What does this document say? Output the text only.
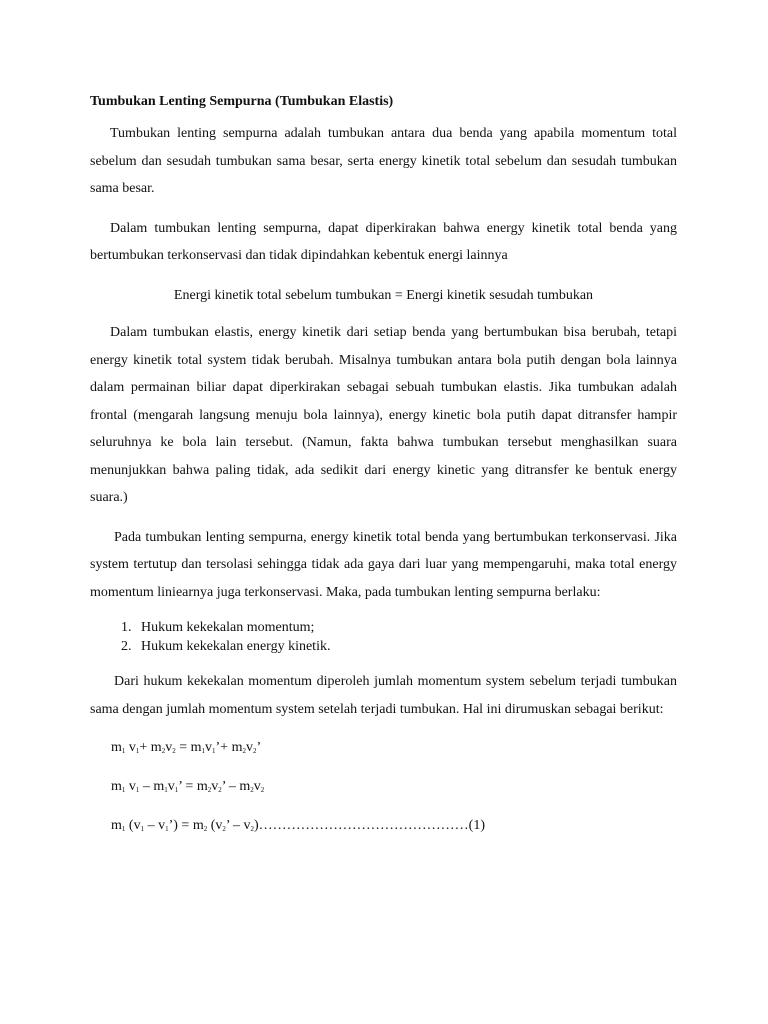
Tumbukan Lenting Sempurna (Tumbukan Elastis)

Tumbukan lenting sempurna adalah tumbukan antara dua benda yang apabila momentum total sebelum dan sesudah tumbukan sama besar, serta energy kinetik total sebelum dan sesudah tumbukan sama besar.

Dalam tumbukan lenting sempurna, dapat diperkirakan bahwa energy kinetik total benda yang bertumbukan terkonservasi dan tidak dipindahkan kebentuk energi lainnya

Energi kinetik total sebelum tumbukan = Energi kinetik sesudah tumbukan

Dalam tumbukan elastis, energy kinetik dari setiap benda yang bertumbukan bisa berubah, tetapi energy kinetik total system tidak berubah. Misalnya tumbukan antara bola putih dengan bola lainnya dalam permainan biliar dapat diperkirakan sebagai sebuah tumbukan elastis. Jika tumbukan adalah frontal (mengarah langsung menuju bola lainnya), energy kinetic bola putih dapat ditransfer hampir seluruhnya ke bola lain tersebut. (Namun, fakta bahwa tumbukan tersebut menghasilkan suara menunjukkan bahwa paling tidak, ada sedikit dari energy kinetic yang ditransfer ke bentuk energy suara.)

Pada tumbukan lenting sempurna, energy kinetik total benda yang bertumbukan terkonservasi. Jika system tertutup dan tersolasi sehingga tidak ada gaya dari luar yang mempengaruhi, maka total energy momentum liniearnya juga terkonservasi. Maka, pada tumbukan lenting sempurna berlaku:

1. Hukum kekekalan momentum;
2. Hukum kekekalan energy kinetik.

Dari hukum kekekalan momentum diperoleh jumlah momentum system sebelum terjadi tumbukan sama dengan jumlah momentum system setelah terjadi tumbukan. Hal ini dirumuskan sebagai berikut:

$m_1$ $v_1+ m_2v_2$ = $m_1v_1’+ m_2v_2$’
$m_1$ $v_1 - m_1v_1$’ = $m_2v_2$’ – $m_2v_2$
$m_1$ ($v_1$ – $v_1’) = m_2$ ($v_2$’ – $v_2)\dots\dots\dots\dots\dots\dots\dots\dots\dots\dots\dots\dots\dots\dots\dots(1)$
